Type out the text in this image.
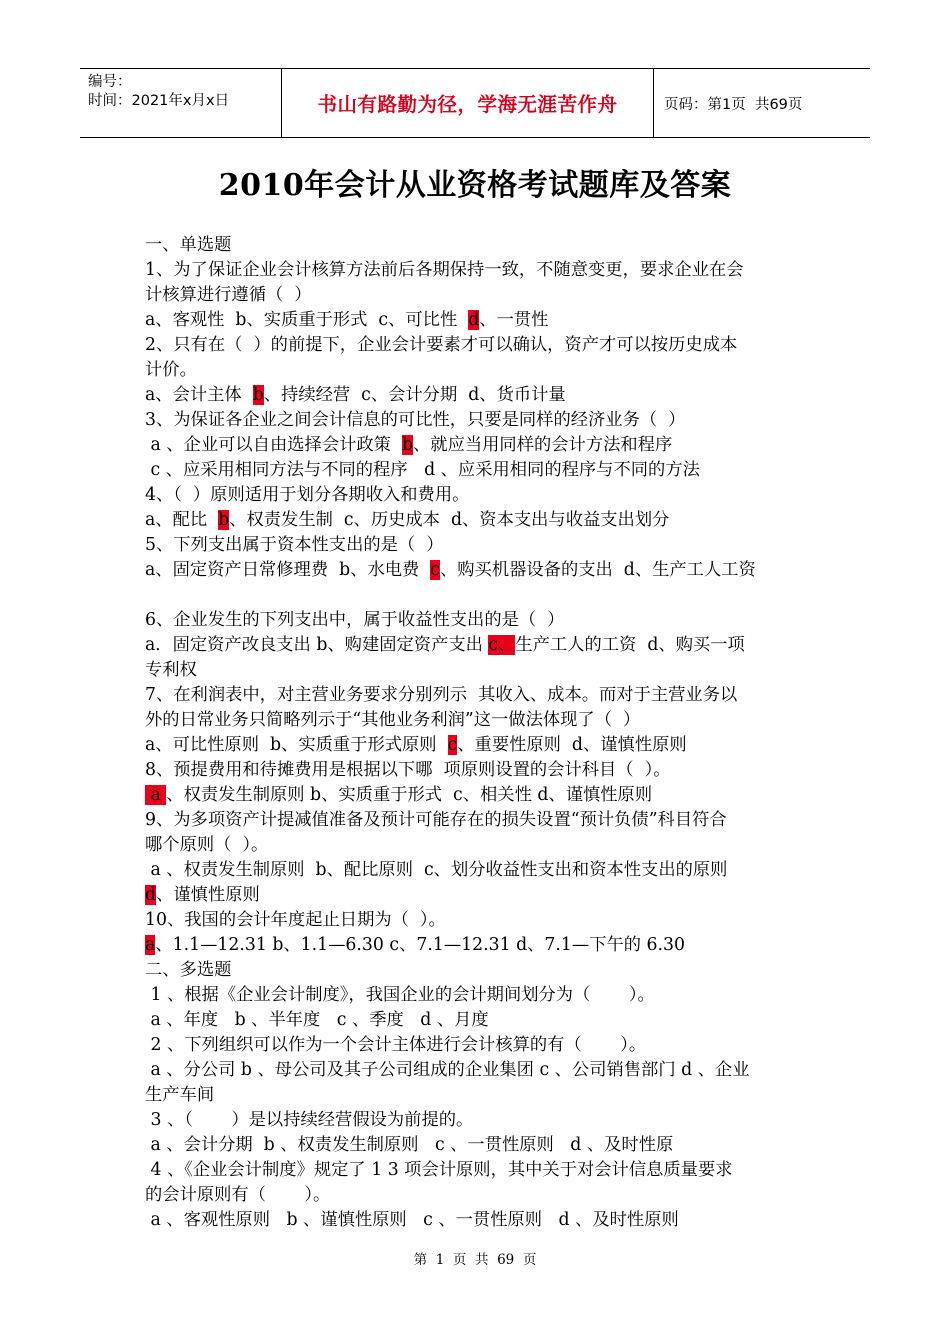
编号：
时间：2021年x月x日	书山有路勤为径，学海无涯苦作舟	页码：第1页  共69页
2010年会计从业资格考试题库及答案
一、单选题
1、为了保证企业会计核算方法前后各期保持一致，不随意变更，要求企业在会
计核算进行遵循（  ）
a、客观性  b、实质重于形式  c、可比性  d、一贯性
2、只有在（  ）的前提下，企业会计要素才可以确认，资产才可以按历史成本
计价。
a、会计主体  b、持续经营  c、会计分期  d、货币计量
3、为保证各企业之间会计信息的可比性，只要是同样的经济业务（  ）
a 、企业可以自由选择会计政策  b、就应当用同样的会计方法和程序
c 、应采用相同方法与不同的程序   d 、应采用相同的程序与不同的方法
4、（  ）原则适用于划分各期收入和费用。
a、配比  b、权责发生制  c、历史成本  d、资本支出与收益支出划分
5、下列支出属于资本性支出的是（  ）
a、固定资产日常修理费  b、水电费  c、购买机器设备的支出  d、生产工人工资
6、企业发生的下列支出中，属于收益性支出的是（  ）
a．固定资产改良支出 b、购建固定资产支出 c、生产工人的工资  d、购买一项
专利权
7、在利润表中，对主营业务要求分别列示  其收入、成本。而对于主营业务以
外的日常业务只简略列示于“其他业务利润”这一做法体现了（  ）
a、可比性原则  b、实质重于形式原则  c、重要性原则  d、谨慎性原则
8、预提费用和待摊费用是根据以下哪  项原则设置的会计科目（  ）。
a 、权责发生制原则 b、实质重于形式  c、相关性 d、谨慎性原则
9、为多项资产计提减值准备及预计可能存在的损失设置“预计负债”科目符合
哪个原则（  ）。
a 、权责发生制原则  b、配比原则  c、划分收益性支出和资本性支出的原则
d、谨慎性原则
10、我国的会计年度起止日期为（  ）。
a、1.1—12.31 b、1.1—6.30 c、7.1—12.31 d、7.1—下午的 6.30
二、多选题
1 、根据《企业会计制度》，我国企业的会计期间划分为（       ）。
a 、年度   b 、半年度   c 、季度   d 、月度
2 、下列组织可以作为一个会计主体进行会计核算的有（       ）。
a 、分公司 b 、母公司及其子公司组成的企业集团 c 、公司销售部门 d 、企业
生产车间
3 、（       ）是以持续经营假设为前提的。
a 、会计分期  b 、权责发生制原则   c 、一贯性原则   d 、及时性原
4 、《企业会计制度》规定了 1 3 项会计原则，其中关于对会计信息质量要求
的会计原则有（       ）。
a 、客观性原则   b 、谨慎性原则   c 、一贯性原则   d 、及时性原则
第  1  页  共  69  页
